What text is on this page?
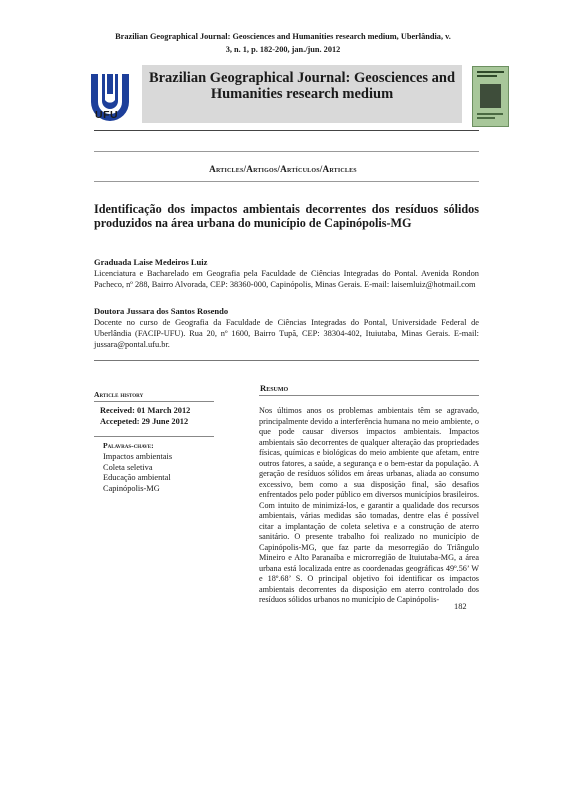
Brazilian Geographical Journal: Geosciences and Humanities research medium, Uberlândia, v.
3, n. 1, p. 182-200, jan./jun. 2012
UFU
Brazilian Geographical Journal: Geosciences and Humanities research medium
Articles/Artigos/Artículos/Articles
Identificação dos impactos ambientais decorrentes dos resíduos sólidos produzidos na área urbana do município de Capinópolis-MG
Graduada Laise Medeiros Luiz
Licenciatura e Bacharelado em Geografia pela Faculdade de Ciências Integradas do Pontal. Avenida Rondon Pacheco, nº 288, Bairro Alvorada, CEP: 38360-000, Capinópolis, Minas Gerais. E-mail: laisemluiz@hotmail.com
Doutora Jussara dos Santos Rosendo
Docente no curso de Geografia da Faculdade de Ciências Integradas do Pontal, Universidade Federal de Uberlândia (FACIP-UFU). Rua 20, nº 1600, Bairro Tupã, CEP: 38304-402, Ituiutaba, Minas Gerais. E-mail: jussara@pontal.ufu.br.
Article history
Received: 01 March 2012
Accepeted: 29 June 2012
Palavras-chave:
Impactos ambientais
Coleta seletiva
Educação ambiental
Capinópolis-MG
Resumo
Nos últimos anos os problemas ambientais têm se agravado, principalmente devido a interferência humana no meio ambiente, o que pode causar diversos impactos ambientais. Impactos ambientais são decorrentes de qualquer alteração das propriedades físicas, químicas e biológicas do meio ambiente que afetam, entre outros fatores, a saúde, a segurança e o bem-estar da população. A geração de resíduos sólidos em áreas urbanas, aliada ao consumo excessivo, bem como a sua disposição final, são desafios enfrentados pelo poder público em diversos municípios brasileiros. Com intuito de minimizá-los, e garantir a qualidade dos recursos ambientais, várias medidas são tomadas, dentre elas é possível citar a implantação de coleta seletiva e a construção de aterro sanitário. O presente trabalho foi realizado no município de Capinópolis-MG, que faz parte da mesorregião do Triângulo Mineiro e Alto Paranaíba e microrregião de Ituiutaba-MG, a área urbana está localizada entre as coordenadas geográficas 49º.56’ W e 18º.68’ S. O principal objetivo foi identificar os impactos ambientais decorrentes da disposição em aterro controlado dos resíduos sólidos urbanos no município de Capinópolis-
182
